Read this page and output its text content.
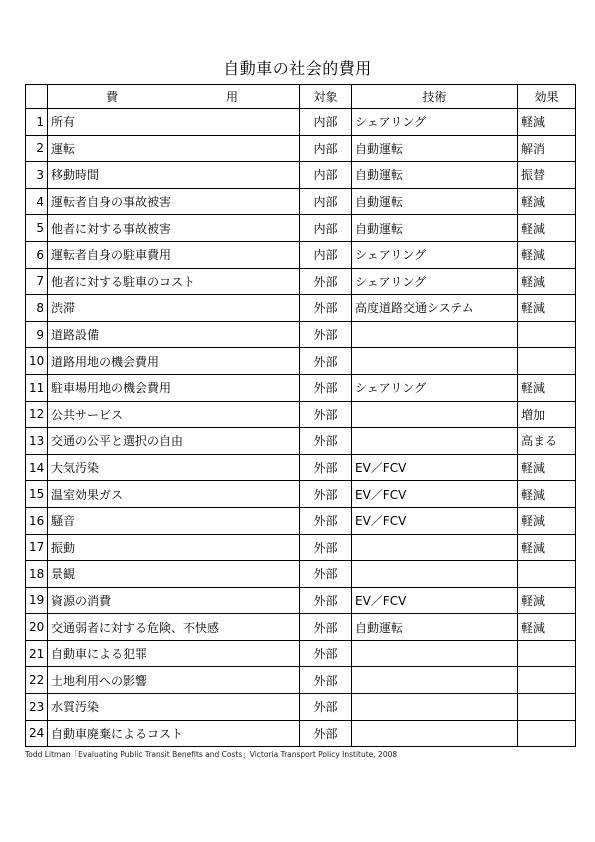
自動車の社会的費用
	費　用	対象	技術	効果
1	所有	内部	シェアリング	軽減
2	運転	内部	自動運転	解消
3	移動時間	内部	自動運転	振替
4	運転者自身の事故被害	内部	自動運転	軽減
5	他者に対する事故被害	内部	自動運転	軽減
6	運転者自身の駐車費用	内部	シェアリング	軽減
7	他者に対する駐車のコスト	外部	シェアリング	軽減
8	渋滞	外部	高度道路交通システム	軽減
9	道路設備	外部		
10	道路用地の機会費用	外部		
11	駐車場用地の機会費用	外部	シェアリング	軽減
12	公共サービス	外部		増加
13	交通の公平と選択の自由	外部		高まる
14	大気汚染	外部	EV／FCV	軽減
15	温室効果ガス	外部	EV／FCV	軽減
16	騒音	外部	EV／FCV	軽減
17	振動	外部		軽減
18	景観	外部		
19	資源の消費	外部	EV／FCV	軽減
20	交通弱者に対する危険、不快感	外部	自動運転	軽減
21	自動車による犯罪	外部		
22	土地利用への影響	外部		
23	水質汚染	外部		
24	自動車廃棄によるコスト	外部		
Todd Litman「Evaluating Public Transit Benefits and Costs」Victoria Transport Policy Institute, 2008
